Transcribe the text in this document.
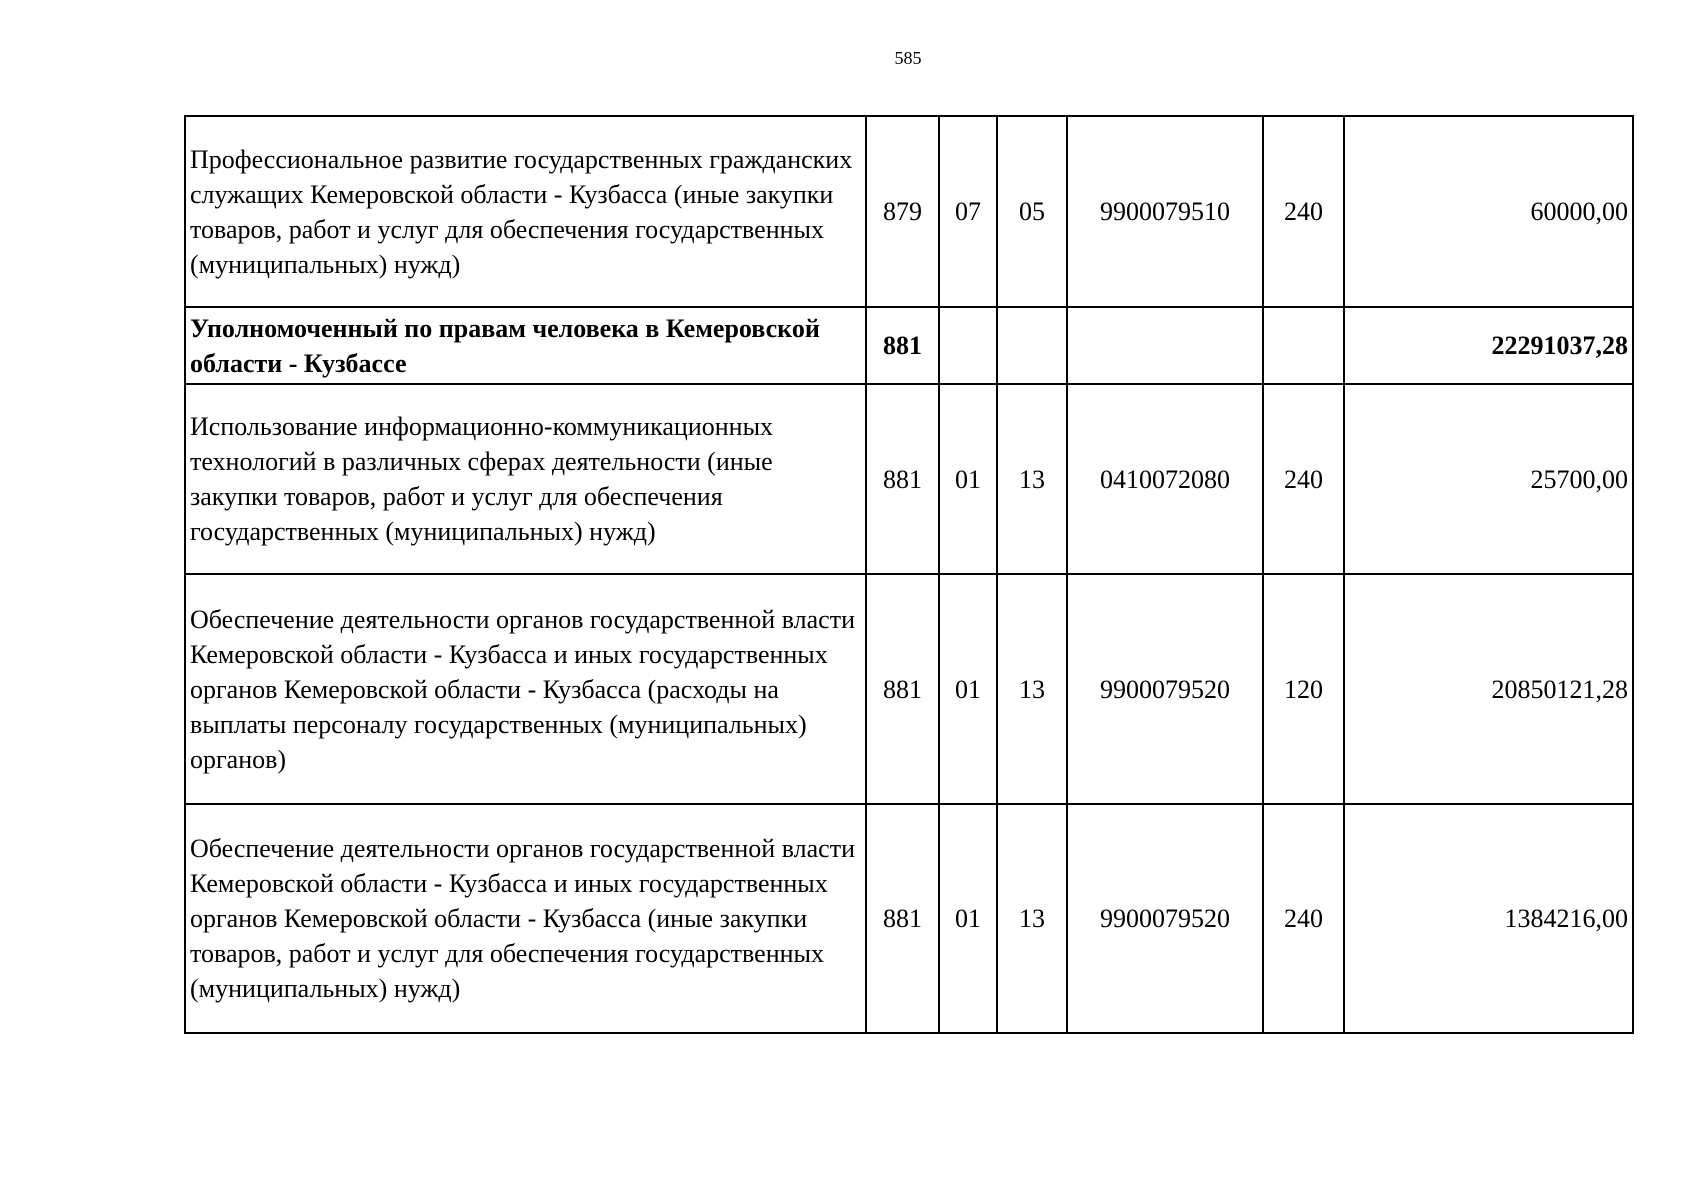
585
Профессиональное развитие государственных гражданских служащих Кемеровской области - Кузбасса (иные закупки товаров, работ и услуг для обеспечения государственных (муниципальных) нужд)	879	07	05	9900079510	240	60000,00
Уполномоченный по правам человека в Кемеровской области - Кузбассе	881					22291037,28
Использование информационно-коммуникационных технологий в различных сферах деятельности (иные закупки товаров, работ и услуг для обеспечения государственных (муниципальных) нужд)	881	01	13	0410072080	240	25700,00
Обеспечение деятельности органов государственной власти Кемеровской области - Кузбасса и иных государственных органов Кемеровской области - Кузбасса (расходы на выплаты персоналу государственных (муниципальных) органов)	881	01	13	9900079520	120	20850121,28
Обеспечение деятельности органов государственной власти Кемеровской области - Кузбасса и иных государственных органов Кемеровской области - Кузбасса (иные закупки товаров, работ и услуг для обеспечения государственных (муниципальных) нужд)	881	01	13	9900079520	240	1384216,00
